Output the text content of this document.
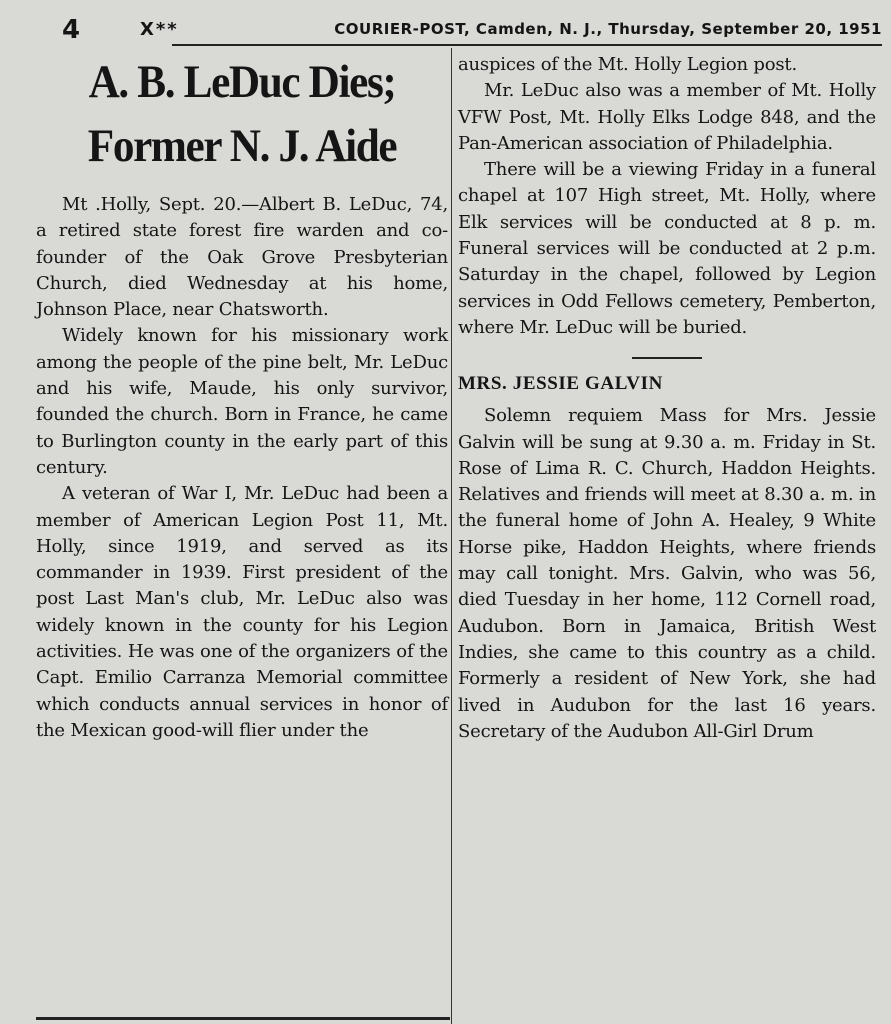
4	X**	COURIER-POST, Camden, N. J., Thursday, September 20, 1951
A. B. LeDuc Dies;
Former N. J. Aide

Mt .Holly, Sept. 20.—Albert B. LeDuc, 74, a retired state forest fire warden and co-founder of the Oak Grove Presbyterian Church, died Wednesday at his home, Johnson Place, near Chatsworth.

Widely known for his missionary work among the people of the pine belt, Mr. LeDuc and his wife, Maude, his only survivor, founded the church. Born in France, he came to Burlington county in the early part of this century.

A veteran of War I, Mr. LeDuc had been a member of American Legion Post 11, Mt. Holly, since 1919, and served as its commander in 1939. First president of the post Last Man's club, Mr. LeDuc also was widely known in the county for his Legion activities. He was one of the organizers of the Capt. Emilio Carranza Memorial committee which conducts annual services in honor of the Mexican good-will flier under the

auspices of the Mt. Holly Legion post.

Mr. LeDuc also was a member of Mt. Holly VFW Post, Mt. Holly Elks Lodge 848, and the Pan-American association of Philadelphia.

There will be a viewing Friday in a funeral chapel at 107 High street, Mt. Holly, where Elk services will be conducted at 8 p. m. Funeral services will be conducted at 2 p.m. Saturday in the chapel, followed by Legion services in Odd Fellows cemetery, Pemberton, where Mr. LeDuc will be buried.

MRS. JESSIE GALVIN

Solemn requiem Mass for Mrs. Jessie Galvin will be sung at 9.30 a. m. Friday in St. Rose of Lima R. C. Church, Haddon Heights. Relatives and friends will meet at 8.30 a. m. in the funeral home of John A. Healey, 9 White Horse pike, Haddon Heights, where friends may call tonight. Mrs. Galvin, who was 56, died Tuesday in her home, 112 Cornell road, Audubon. Born in Jamaica, British West Indies, she came to this country as a child. Formerly a resident of New York, she had lived in Audubon for the last 16 years. Secretary of the Audubon All-Girl Drum
